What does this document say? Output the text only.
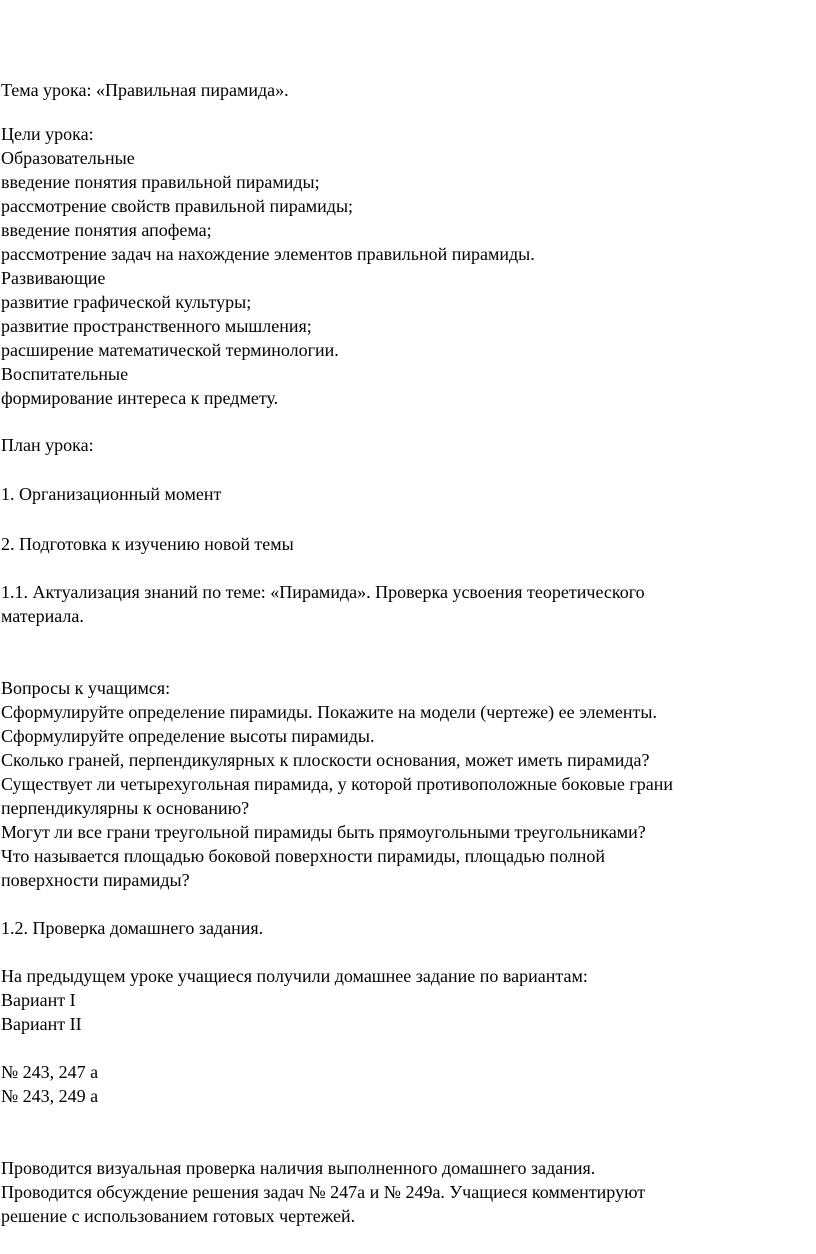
Тема урока: «Правильная пирамида».
Цели урока:
Образовательные
введение понятия правильной пирамиды;
рассмотрение свойств правильной пирамиды;
введение понятия апофема;
рассмотрение задач на нахождение элементов правильной пирамиды.
Развивающие
развитие графической культуры;
развитие пространственного мышления;
расширение математической терминологии.
Воспитательные
формирование интереса к предмету.
План урока:
1. Организационный момент
2. Подготовка к изучению новой темы
1.1. Актуализация знаний по теме: «Пирамида». Проверка усвоения теоретического
материала.
Вопросы к учащимся:
Сформулируйте определение пирамиды. Покажите на модели (чертеже) ее элементы.
Сформулируйте определение высоты пирамиды.
Сколько граней, перпендикулярных к плоскости основания, может иметь пирамида?
Существует ли четырехугольная пирамида, у которой противоположные боковые грани
перпендикулярны к основанию?
Могут ли все грани треугольной пирамиды быть прямоугольными треугольниками?
Что называется площадью боковой поверхности пирамиды, площадью полной
поверхности пирамиды?
1.2. Проверка домашнего задания.
На предыдущем уроке учащиеся получили домашнее задание по вариантам:
Вариант I
Вариант II
№ 243, 247 а
№ 243, 249 а
Проводится визуальная проверка наличия выполненного домашнего задания.
Проводится обсуждение решения задач № 247а и № 249а. Учащиеся комментируют
решение с использованием готовых чертежей.
